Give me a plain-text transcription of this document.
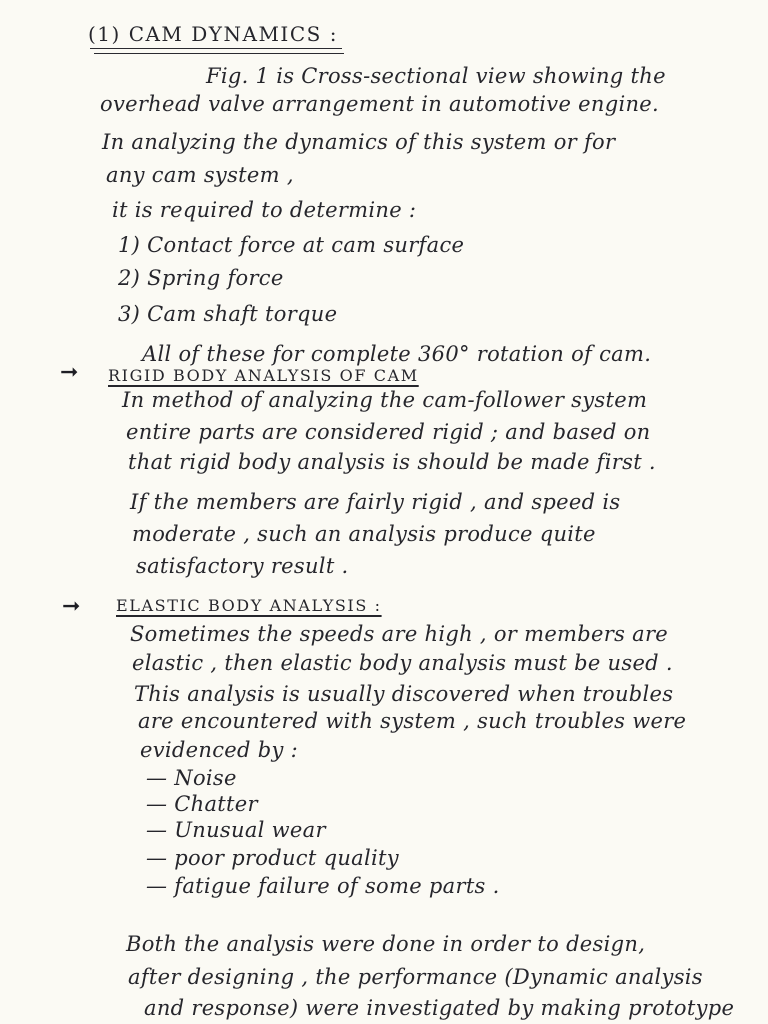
(1) CAM DYNAMICS :
Fig. 1 is Cross-sectional view showing the
overhead valve arrangement in automotive engine.
In analyzing the dynamics of this system or for
any cam system ,
it is required to determine :
1) Contact force at cam surface
2) Spring force
3) Cam shaft torque
All of these for complete 360° rotation of cam.
➞ RIGID BODY ANALYSIS OF CAM
In method of analyzing the cam-follower system
entire parts are considered rigid ; and based on
that rigid body analysis is should be made first .
If the members are fairly rigid , and speed is
moderate , such an analysis produce quite
satisfactory result .
➞ ELASTIC BODY ANALYSIS :
Sometimes the speeds are high , or members are
elastic , then elastic body analysis must be used .
This analysis is usually discovered when troubles
are encountered with system , such troubles were
evidenced by :
— Noise
— Chatter
— Unusual wear
— poor product quality
— fatigue failure of some parts .
Both the analysis were done in order to design,
after designing , the performance (Dynamic analysis
and response) were investigated by making prototype
